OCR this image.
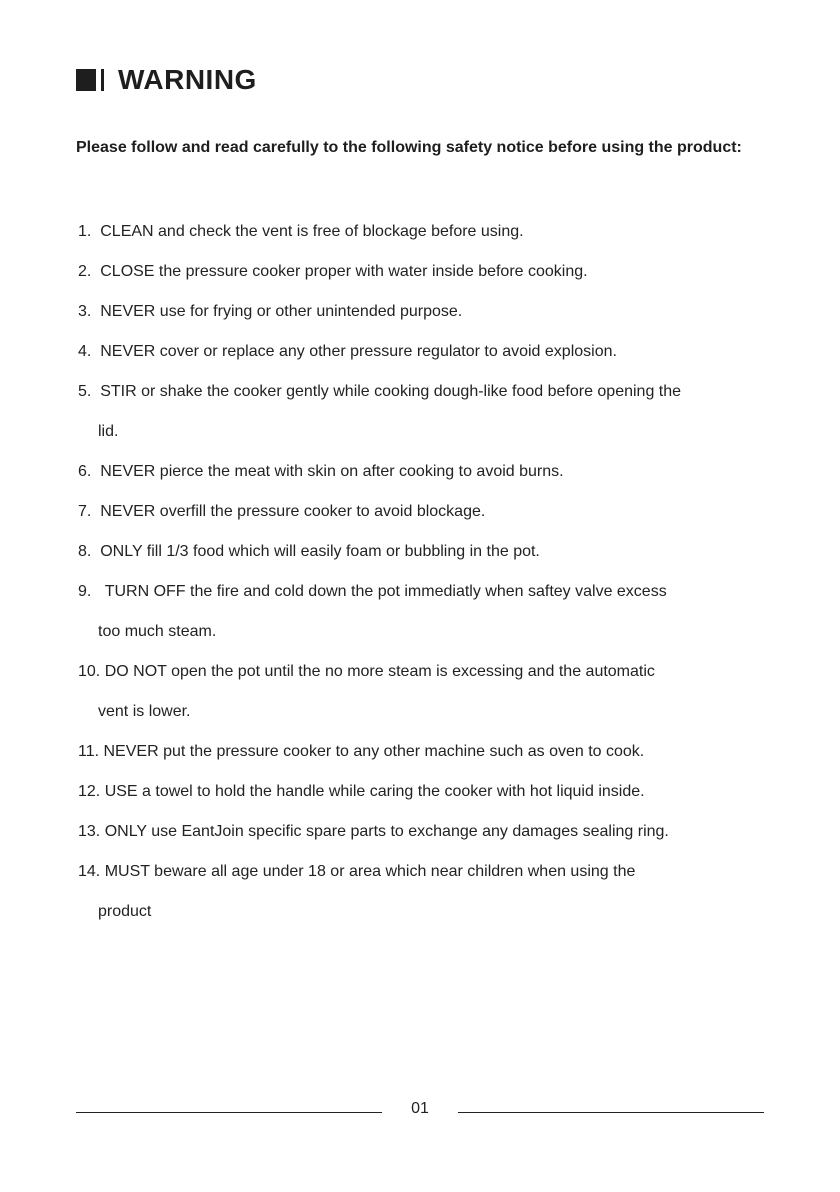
WARNING
Please follow and read carefully to the following safety notice before using the product:
1. CLEAN and check the vent is free of blockage before using.
2. CLOSE the pressure cooker proper with water inside before cooking.
3. NEVER use for frying or other unintended purpose.
4. NEVER cover or replace any other pressure regulator to avoid explosion.
5. STIR or shake the cooker gently while cooking dough-like food before opening the
lid.
6. NEVER pierce the meat with skin on after cooking to avoid burns.
7. NEVER overfill the pressure cooker to avoid blockage.
8. ONLY fill 1/3 food which will easily foam or bubbling in the pot.
9. TURN OFF the fire and cold down the pot immediatly when saftey valve excess
too much steam.
10. DO NOT open the pot until the no more steam is excessing and the automatic
vent is lower.
11. NEVER put the pressure cooker to any other machine such as oven to cook.
12. USE a towel to hold the handle while caring the cooker with hot liquid inside.
13. ONLY use EantJoin specific spare parts to exchange any damages sealing ring.
14. MUST beware all age under 18 or area which near children when using the
product
01
